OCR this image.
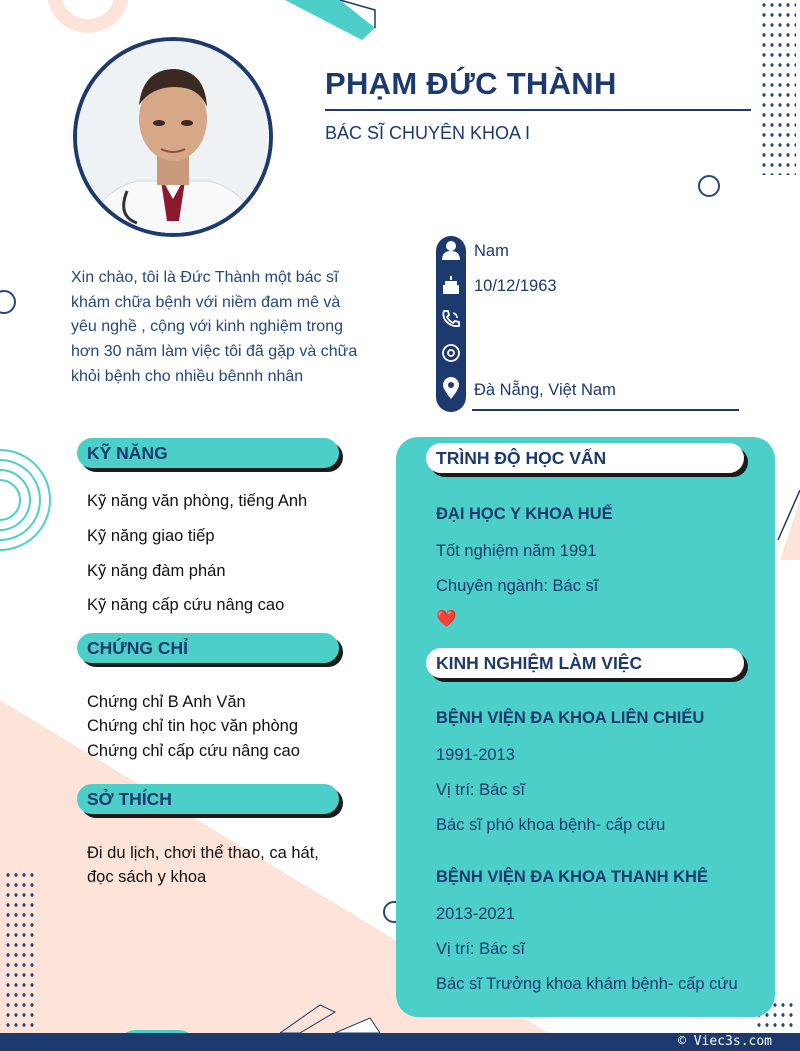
PHẠM ĐỨC THÀNH
BÁC SĨ CHUYÊN KHOA I
Xin chào, tôi là Đức Thành một bác sĩ khám chữa bệnh với niềm đam mê và yêu nghề , cộng với kinh nghiệm trong hơn 30 năm làm việc tôi đã gặp và chữa khỏi bệnh cho nhiều bênnh nhân
Nam
10/12/1963
Đà Nẵng, Việt Nam
KỸ NĂNG
Kỹ năng văn phòng, tiếng Anh
Kỹ năng giao tiếp
Kỹ năng đàm phán
Kỹ năng cấp cứu nâng cao
CHỨNG CHỈ
Chứng chỉ B Anh Văn
Chứng chỉ tin học văn phòng
Chứng chỉ cấp cứu nâng cao
SỞ THÍCH
Đi du lịch, chơi thể thao, ca hát,
đọc sách y khoa
TRÌNH ĐỘ HỌC VẤN
ĐẠI HỌC Y KHOA HUẾ
Tốt nghiệm năm 1991
Chuyên ngành: Bác sĩ
❤️
KINH NGHIỆM LÀM VIỆC
BỆNH VIỆN ĐA KHOA LIÊN CHIỂU
1991-2013
Vị trí: Bác sĩ
Bác sĩ phó khoa bệnh- cấp cứu
BỆNH VIỆN ĐA KHOA THANH KHÊ
2013-2021
Vị trí: Bác sĩ
Bác sĩ Trưởng khoa khám bệnh- cấp cứu
© Viec3s.com
